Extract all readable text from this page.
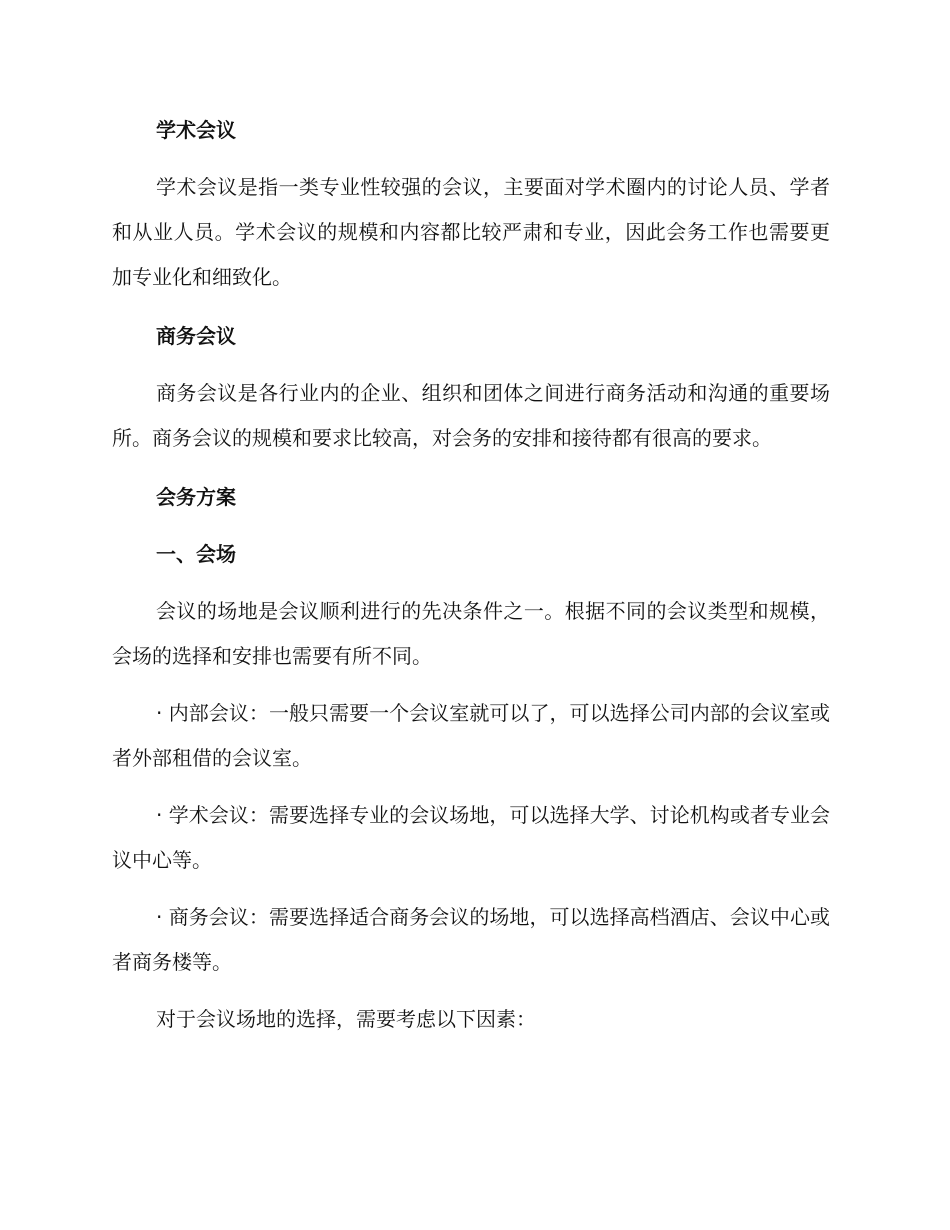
学术会议
学术会议是指一类专业性较强的会议，主要面对学术圈内的讨论人员、学者和从业人员。学术会议的规模和内容都比较严肃和专业，因此会务工作也需要更加专业化和细致化。
商务会议
商务会议是各行业内的企业、组织和团体之间进行商务活动和沟通的重要场所。商务会议的规模和要求比较高，对会务的安排和接待都有很高的要求。
会务方案
一、会场
会议的场地是会议顺利进行的先决条件之一。根据不同的会议类型和规模，会场的选择和安排也需要有所不同。
· 内部会议：一般只需要一个会议室就可以了，可以选择公司内部的会议室或者外部租借的会议室。
· 学术会议：需要选择专业的会议场地，可以选择大学、讨论机构或者专业会议中心等。
· 商务会议：需要选择适合商务会议的场地，可以选择高档酒店、会议中心或者商务楼等。
对于会议场地的选择，需要考虑以下因素：
